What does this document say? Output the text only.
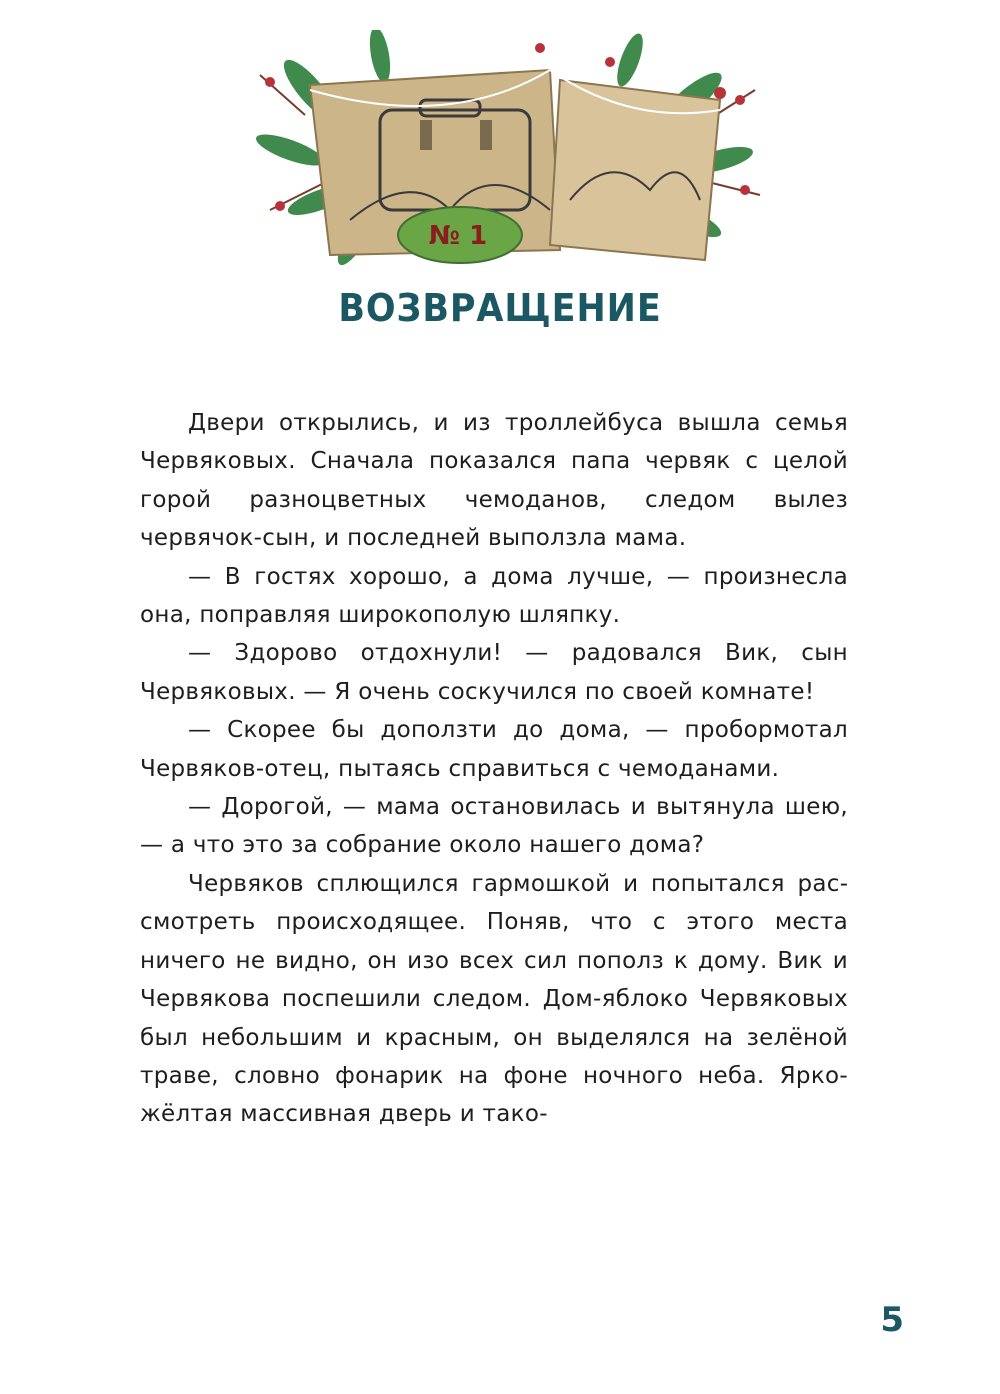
№ 1
ВОЗВРАЩЕНИЕ

Двери открылись, и из троллейбуса вышла семья Червяковых. Сначала показался папа червяк с целой горой разноцветных чемоданов, следом вылез червячок-сын, и последней выползла мама.

— В гостях хорошо, а дома лучше, — произнесла она, поправляя широкополую шляпку.

— Здорово отдохнули! — радовался Вик, сын Червяковых. — Я очень соскучился по своей комнате!

— Скорее бы доползти до дома, — пробормотал Червяков-отец, пытаясь справиться с чемоданами.

— Дорогой, — мама остановилась и вытянула шею, — а что это за собрание около нашего дома?

Червяков сплющился гармошкой и попытался рассмотреть происходящее. Поняв, что с этого места ничего не видно, он изо всех сил пополз к дому. Вик и Червякова поспешили следом. Дом-яблоко Червяковых был небольшим и красным, он выделялся на зелёной траве, словно фонарик на фоне ночного неба. Ярко-жёлтая массивная дверь и тако-

5
